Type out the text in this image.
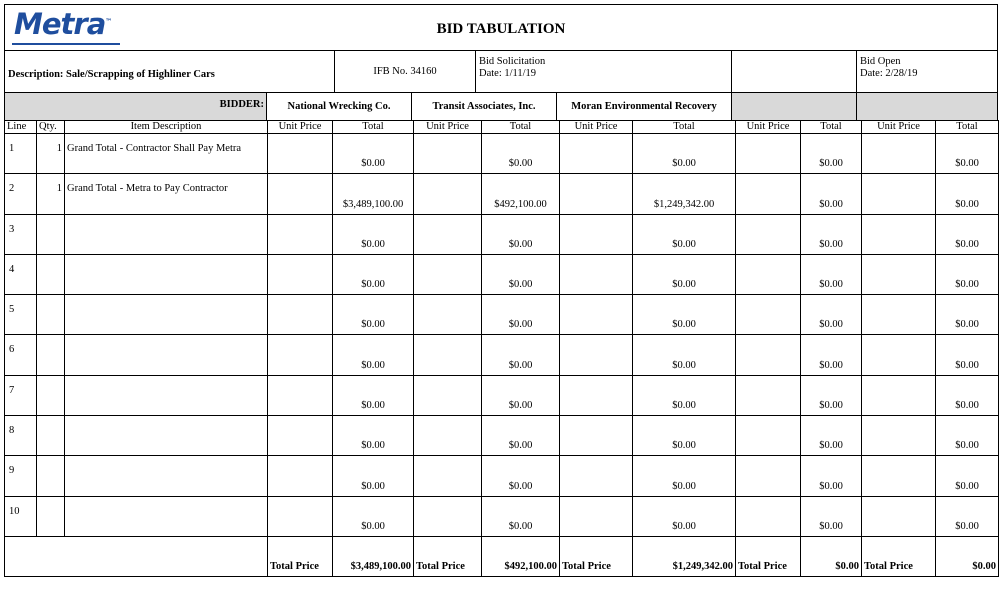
Metra™	BID TABULATION
Description: Sale/Scrapping of Highliner Cars	IFB No. 34160
Bid Solicitation
Date: 1/11/19
Bid Open
Date: 2/28/19
BIDDER:	National Wrecking Co.	Transit Associates, Inc.	Moran Environmental Recovery
Line	Qty.	Item Description	Unit Price	Total	Unit Price	Total	Unit Price	Total	Unit Price	Total	Unit Price	Total
1	1	Grand Total - Contractor Shall Pay Metra		$0.00		$0.00		$0.00		$0.00		$0.00
2	1	Grand Total - Metra to Pay Contractor		$3,489,100.00		$492,100.00		$1,249,342.00		$0.00		$0.00
3				$0.00		$0.00		$0.00		$0.00		$0.00
4				$0.00		$0.00		$0.00		$0.00		$0.00
5				$0.00		$0.00		$0.00		$0.00		$0.00
6				$0.00		$0.00		$0.00		$0.00		$0.00
7				$0.00		$0.00		$0.00		$0.00		$0.00
8				$0.00		$0.00		$0.00		$0.00		$0.00
9				$0.00		$0.00		$0.00		$0.00		$0.00
10				$0.00		$0.00		$0.00		$0.00		$0.00
			Total Price	$3,489,100.00	Total Price	$492,100.00	Total Price	$1,249,342.00	Total Price	$0.00	Total Price	$0.00
